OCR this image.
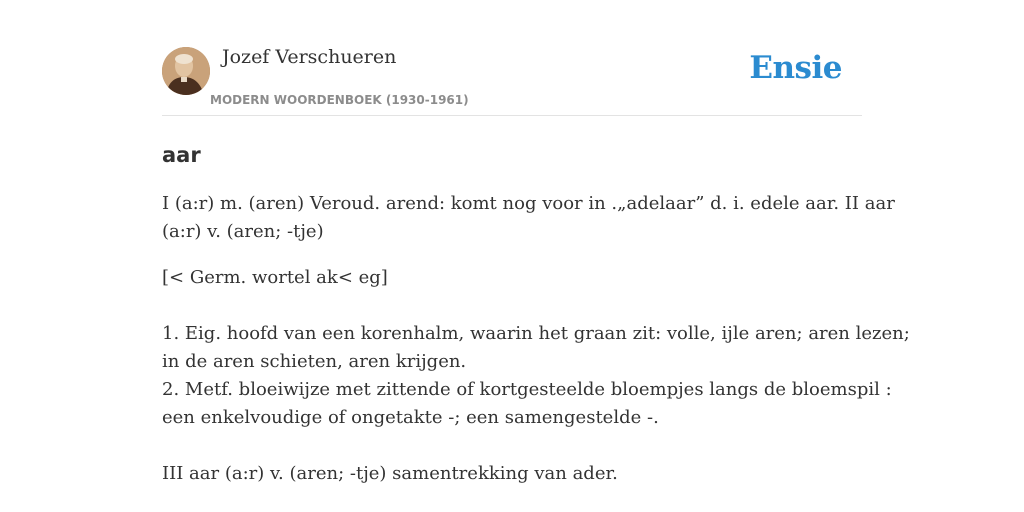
Jozef Verschueren
MODERN WOORDENBOEK (1930-1961)
Ensie
aar
I (a:r) m. (aren) Veroud. arend: komt nog voor in .„adelaar” d. i. edele aar. II aar
(a:r) v. (aren; -tje)
[< Germ. wortel ak< eg]
1. Eig. hoofd van een korenhalm, waarin het graan zit: volle, ijle aren; aren lezen;
in de aren schieten, aren krijgen.
2. Metf. bloeiwijze met zittende of kortgesteelde bloempjes langs de bloemspil :
een enkelvoudige of ongetakte -; een samengestelde -.
III aar (a:r) v. (aren; -tje) samentrekking van ader.
